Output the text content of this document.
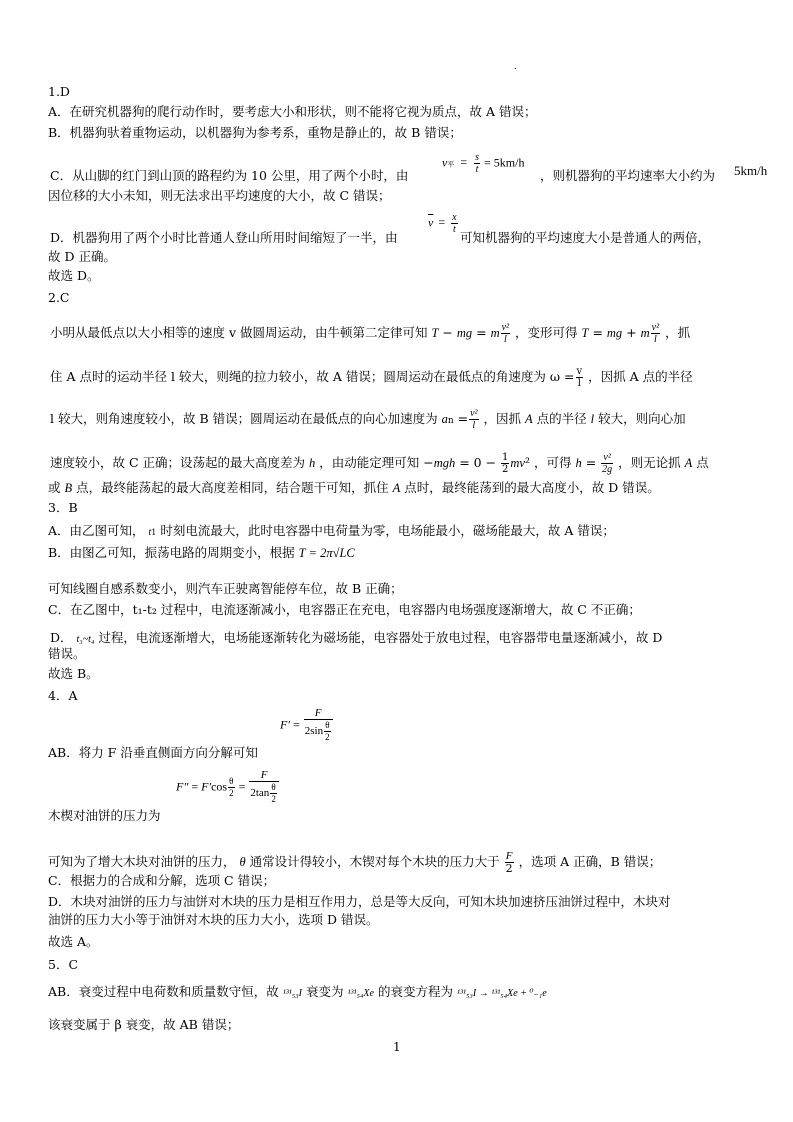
.
1.D
A．在研究机器狗的爬行动作时，要考虑大小和形状，则不能将它视为质点，故 A 错误；
B．机器狗驮着重物运动，以机器狗为参考系，重物是静止的，故 B 错误；
C．从山脚的红门到山顶的路程约为 10 公里，用了两个小时，由
v平 = $\frac{s}{t} = 5km/h$
，则机器狗的平均速率大小约为 5km/h
因位移的大小未知，则无法求出平均速度的大小，故 C 错误；
D．机器狗用了两个小时比普通人登山所用时间缩短了一半，由
$\overline{v} = \frac{x}{t}$
可知机器狗的平均速度大小是普通人的两倍，
故 D 正确。
故选 D。
2.C
小明从最低点以大小相等的速度 v 做圆周运动，由牛顿第二定律可知 T − mg = m $\frac{\text{v²}}{l}$ ，变形可得 T = mg + m $\frac{\text{v²}}{l}$ ，抓
住 A 点时的运动半径 l 较大，则绳的拉力较小，故 A 错误；圆周运动在最低点的角速度为 $\omega = \frac{v}{l}$ ，因抓 A 点的半径
l 较大，则角速度较小，故 B 错误；圆周运动在最低点的向心加速度为 an = $\frac{\text{v²}}{l}$ ，因抓 A 点的半径 l 较大，则向心加
速度较小，故 C 正确；设荡起的最大高度差为 h ，由动能定理可知 $-mgh = 0 - \frac{1}{2} mv^2$ ，可得 $h = \frac{\text{v²}}{2g}$ ，则无论抓 A 点
或 B 点，最终能荡起的最大高度差相同，结合题干可知，抓住 A 点时，最终能荡到的最大高度小，故 D 错误。
3．B
A．由乙图可知， t1 时刻电流最大，此时电容器中电荷量为零，电场能最小，磁场能最大，故 A 错误；
B．由图乙可知，振荡电路的周期变小，根据 T = 2π√LC
可知线圈自感系数变小，则汽车正驶离智能停车位，故 B 正确；
C．在乙图中，t₁-t₂ 过程中，电流逐渐减小，电容器正在充电，电容器内电场强度逐渐增大，故 C 不正确；
D． t₃~t₄ 过程，电流逐渐增大，电场能逐渐转化为磁场能，电容器处于放电过程，电容器带电量逐渐减小，故 D
错误。
故选 B。
4．A
$F' = \frac{F}{2\sin \frac{\theta}{2}}$
AB．将力 F 沿垂直侧面方向分解可知
$F'' = F'\cos \frac{\theta}{2} = \frac{F}{2\tan \frac{\theta}{2}}$
木楔对油饼的压力为
可知为了增大木块对油饼的压力， θ 通常设计得较小，木锲对每个木块的压力大于 $\frac{F}{2}$ ，选项 A 正确，B 错误；
C．根据力的合成和分解，选项 C 错误；
D．木块对油饼的压力与油饼对木块的压力是相互作用力，总是等大反向，可知木块加速挤压油饼过程中，木块对
油饼的压力大小等于油饼对木块的压力大小，选项 D 错误。
故选 A。
5．C
AB．衰变过程中电荷数和质量数守恒，故 ¹³¹₅₃I 衰变为 ¹³¹₅₄Xe 的衰变方程为 ¹³¹₅₃I → ¹³¹₅₄Xe + ⁰₋₁e
该衰变属于 β 衰变，故 AB 错误；
1
